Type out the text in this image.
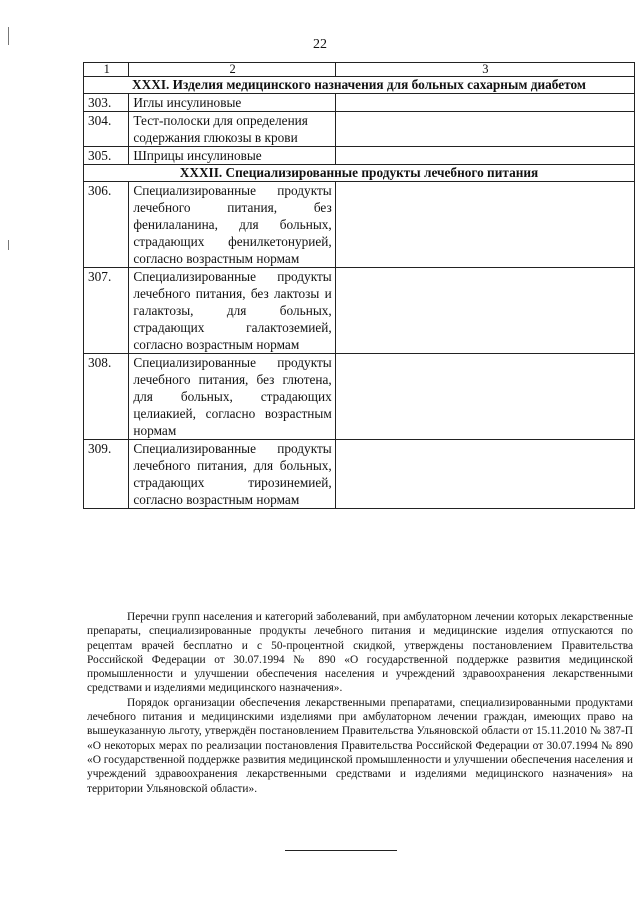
22
1	2	3
XXXI. Изделия медицинского назначения для больных сахарным диабетом		
303.	Иглы инсулиновые	
304.	Тест-полоски для определения содержания глюкозы в крови	
305.	Шприцы инсулиновые	
XXXII. Специализированные продукты лечебного питания		
306.	Специализированные продукты лечебного питания, без фенилаланина, для больных, страдающих фенилкетонурией, согласно возрастным нормам	
307.	Специализированные продукты лечебного питания, без лактозы и галактозы, для больных, страдающих галактоземией, согласно возрастным нормам	
308.	Специализированные продукты лечебного питания, без глютена, для больных, страдающих целиакией, согласно возрастным нормам	
309.	Специализированные продукты лечебного питания, для больных, страдающих тирозинемией, согласно возрастным нормам	

Перечни групп населения и категорий заболеваний, при амбулаторном лечении которых лекарственные препараты, специализированные продукты лечебного питания и медицинские изделия отпускаются по рецептам врачей бесплатно и с 50-процентной скидкой, утверждены постановлением Правительства Российской Федерации от 30.07.1994 № 890 «О государственной поддержке развития медицинской промышленности и улучшении обеспечения населения и учреждений здравоохранения лекарственными средствами и изделиями медицинского назначения».

Порядок организации обеспечения лекарственными препаратами, специализированными продуктами лечебного питания и медицинскими изделиями при амбулаторном лечении граждан, имеющих право на вышеуказанную льготу, утверждён постановлением Правительства Ульяновской области от 15.11.2010 № 387-П «О некоторых мерах по реализации постановления Правительства Российской Федерации от 30.07.1994 № 890 «О государственной поддержке развития медицинской промышленности и улучшении обеспечения населения и учреждений здравоохранения лекарственными средствами и изделиями медицинского назначения» на территории Ульяновской области».
